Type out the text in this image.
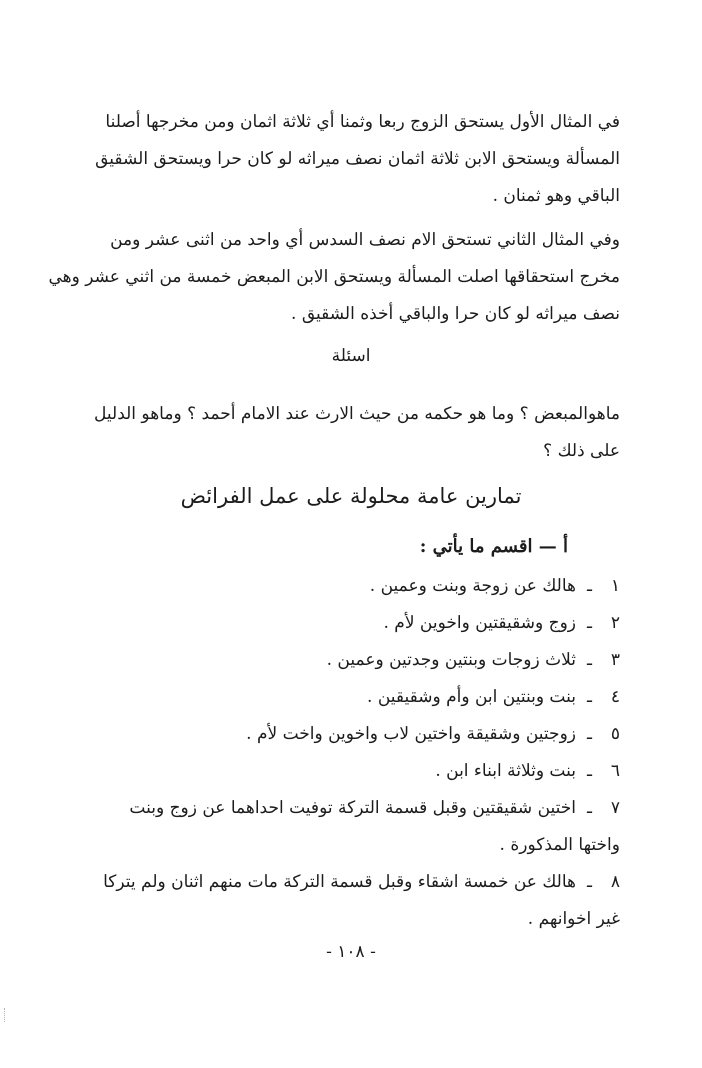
في المثال الأول يستحق الزوج ربعا وثمنا أي ثلاثة اثمان ومن مخرجها أصلنا
المسألة ويستحق الابن ثلاثة اثمان نصف ميراثه لو كان حرا ويستحق الشقيق
الباقي وهو ثمنان .
وفي المثال الثاني تستحق الام نصف السدس أي واحد من اثنى عشر ومن
مخرج استحقاقها اصلت المسألة ويستحق الابن المبعض خمسة من اثني عشر وهي
نصف ميراثه لو كان حرا والباقي أخذه الشقيق .
اسئلة
ماهوالمبعض ؟ وما هو حكمه من حيث الارث عند الامام أحمد ؟ وماهو الدليل
على ذلك ؟
تمارين عامة محلولة على عمل الفرائض
أ — اقسم ما يأتي :
١ـهالك عن زوجة وبنت وعمين .
٢ـزوج وشقيقتين واخوين لأم .
٣ـثلاث زوجات وبنتين وجدتين وعمين .
٤ـبنت وبنتين ابن وأم وشقيقين .
٥ـزوجتين وشقيقة واختين لاب واخوين واخت لأم .
٦ـبنت وثلاثة ابناء ابن .
٧ـاختين شقيقتين وقبل قسمة التركة توفيت احداهما عن زوج وبنت
واختها المذكورة .
٨ـهالك عن خمسة اشقاء وقبل قسمة التركة مات منهم اثنان ولم يتركا
غير اخوانهم .
- ١٠٨ -
